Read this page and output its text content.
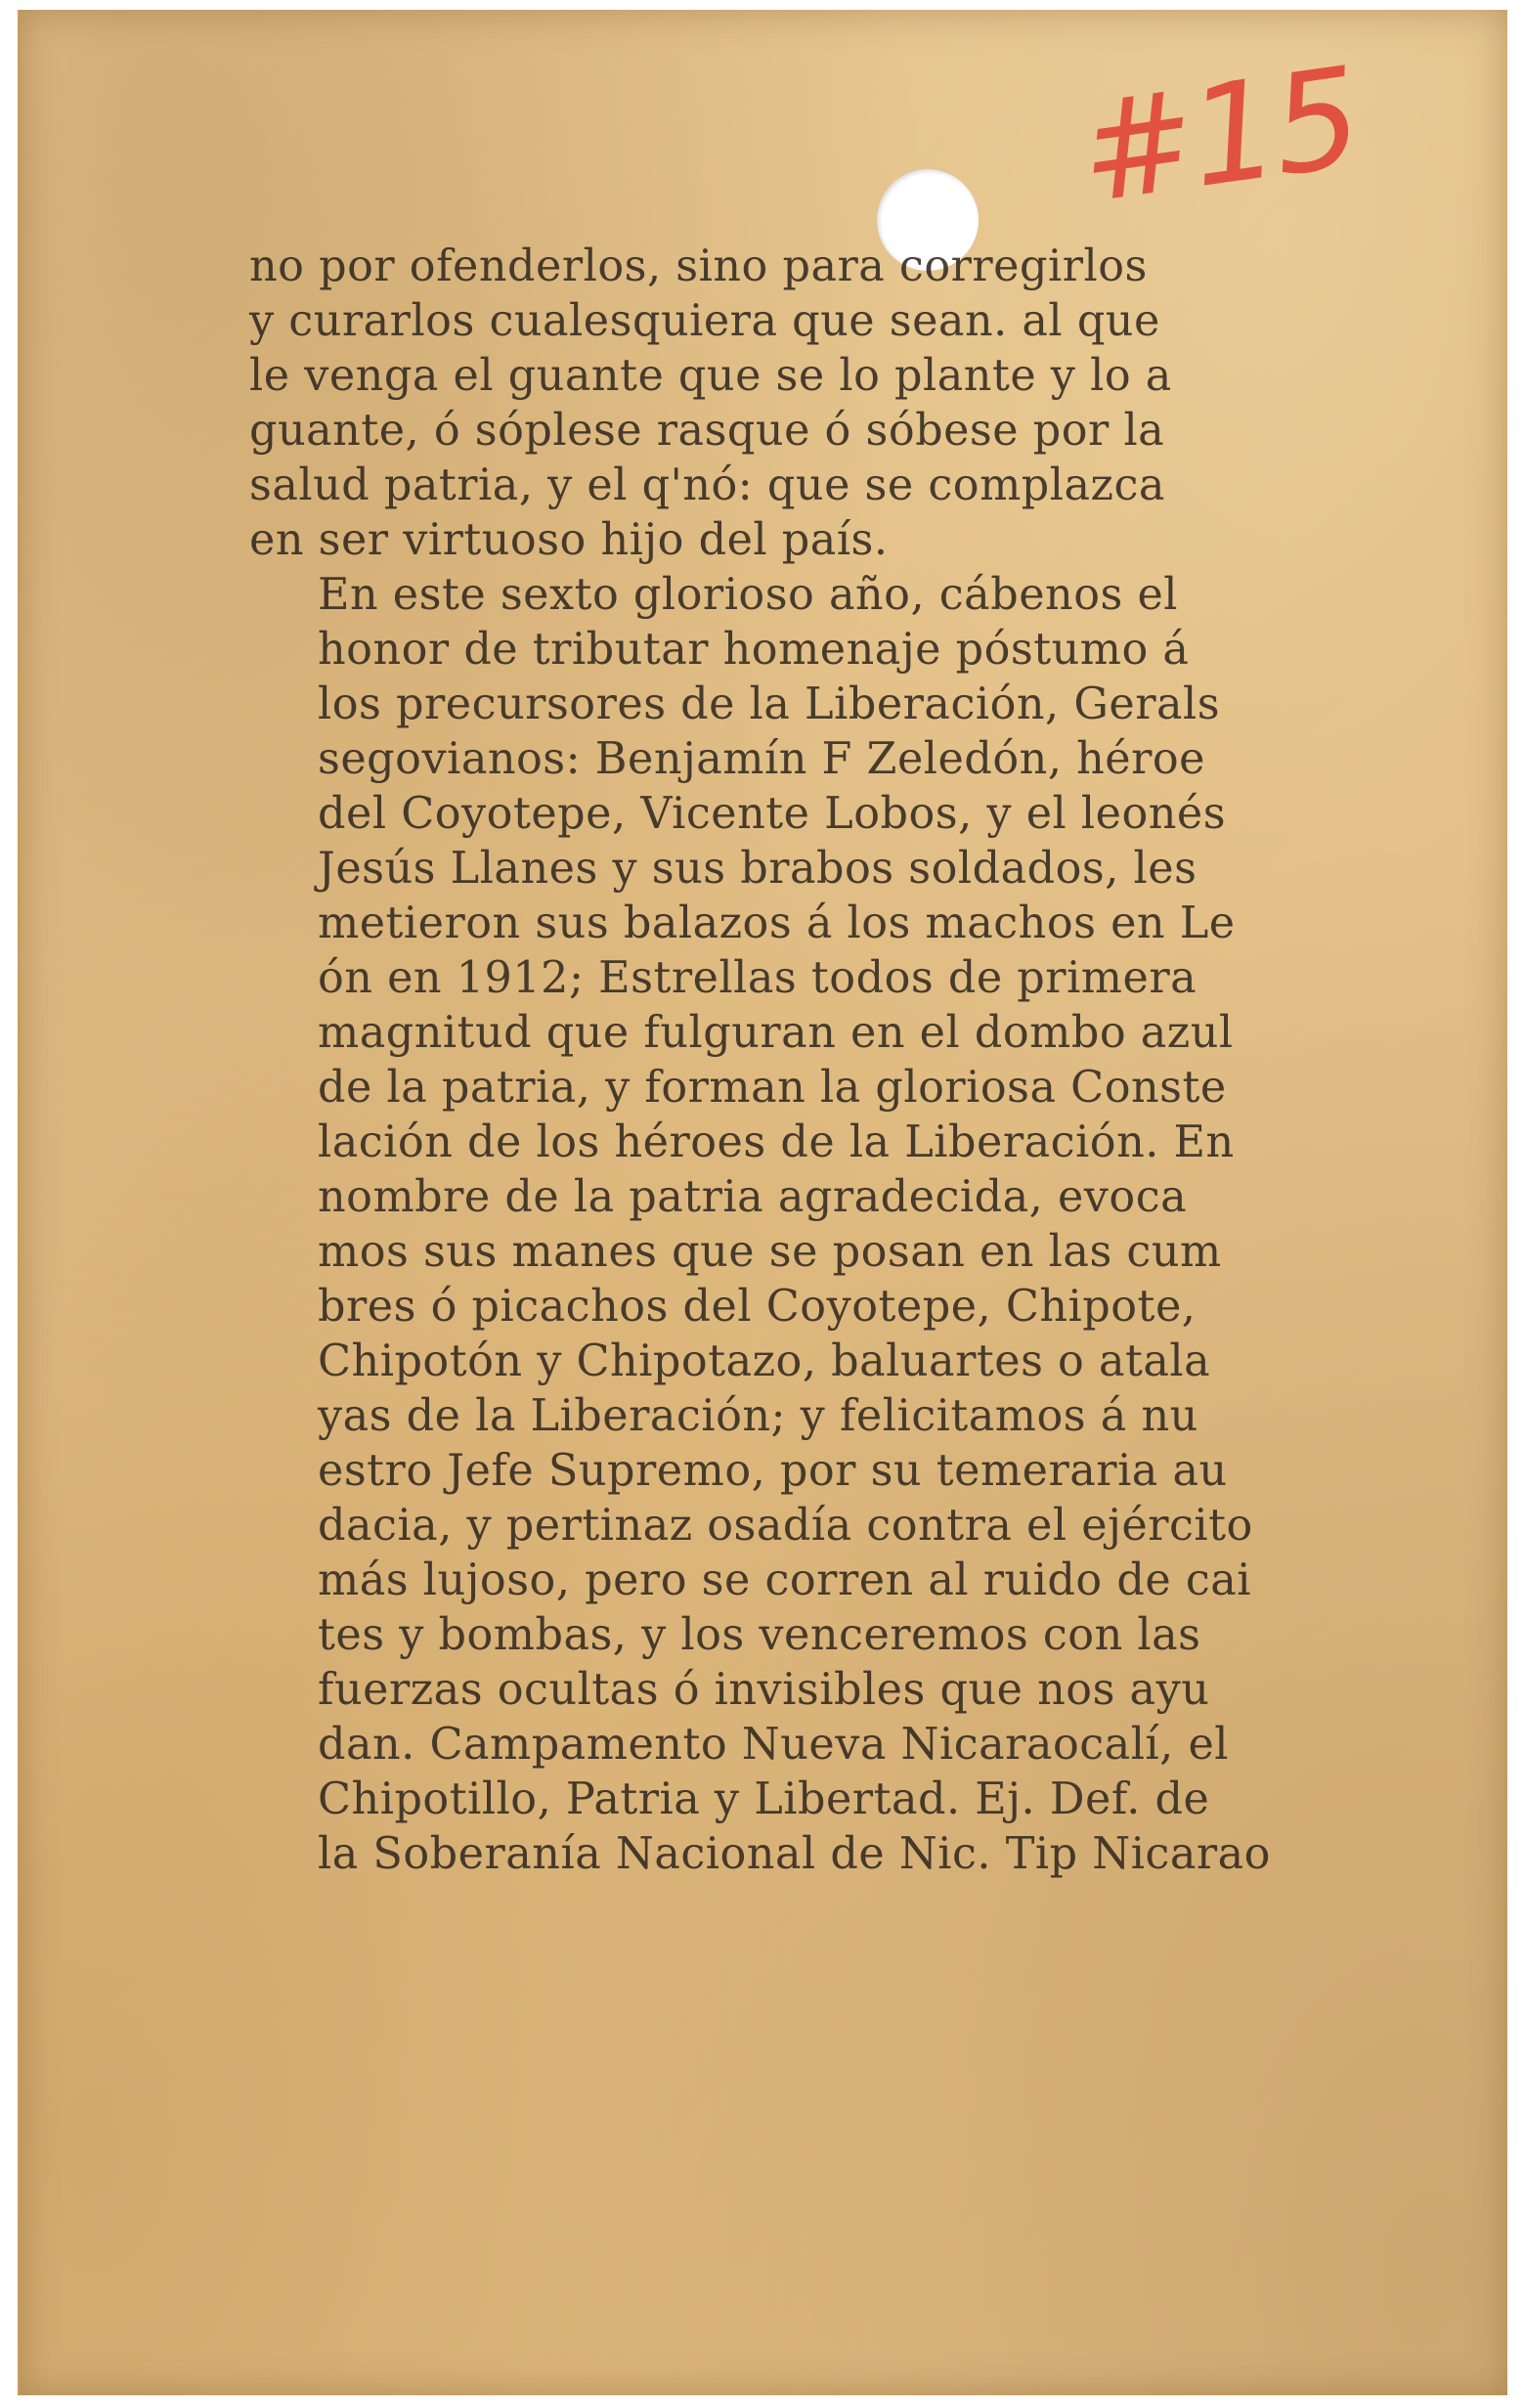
#15

no por ofenderlos, sino para corregirlos
y curarlos cualesquiera que sean. al que
le venga el guante que se lo plante y lo a
guante, ó sóplese rasque ó sóbese por la
salud patria, y el q'nó: que se complazca
en ser virtuoso hijo del país.

En este sexto glorioso año, cábenos el
honor de tributar homenaje póstumo á
los precursores de la Liberación, Gerals
segovianos: Benjamín F Zeledón, héroe
del Coyotepe, Vicente Lobos, y el leonés
Jesús Llanes y sus brabos soldados, les
metieron sus balazos á los machos en Le
ón en 1912; Estrellas todos de primera
magnitud que fulguran en el dombo azul
de la patria, y forman la gloriosa Conste
lación de los héroes de la Liberación. En
nombre de la patria agradecida, evoca
mos sus manes que se posan en las cum
bres ó picachos del Coyotepe, Chipote,
Chipotón y Chipotazo, baluartes o atala
yas de la Liberación; y felicitamos á nu
estro Jefe Supremo, por su temeraria au
dacia, y pertinaz osadía contra el ejército
más lujoso, pero se corren al ruido de cai
tes y bombas, y los venceremos con las
fuerzas ocultas ó invisibles que nos ayu
dan. Campamento Nueva Nicaraocalí, el
Chipotillo, Patria y Libertad. Ej. Def. de
la Soberanía Nacional de Nic. Tip Nicarao
